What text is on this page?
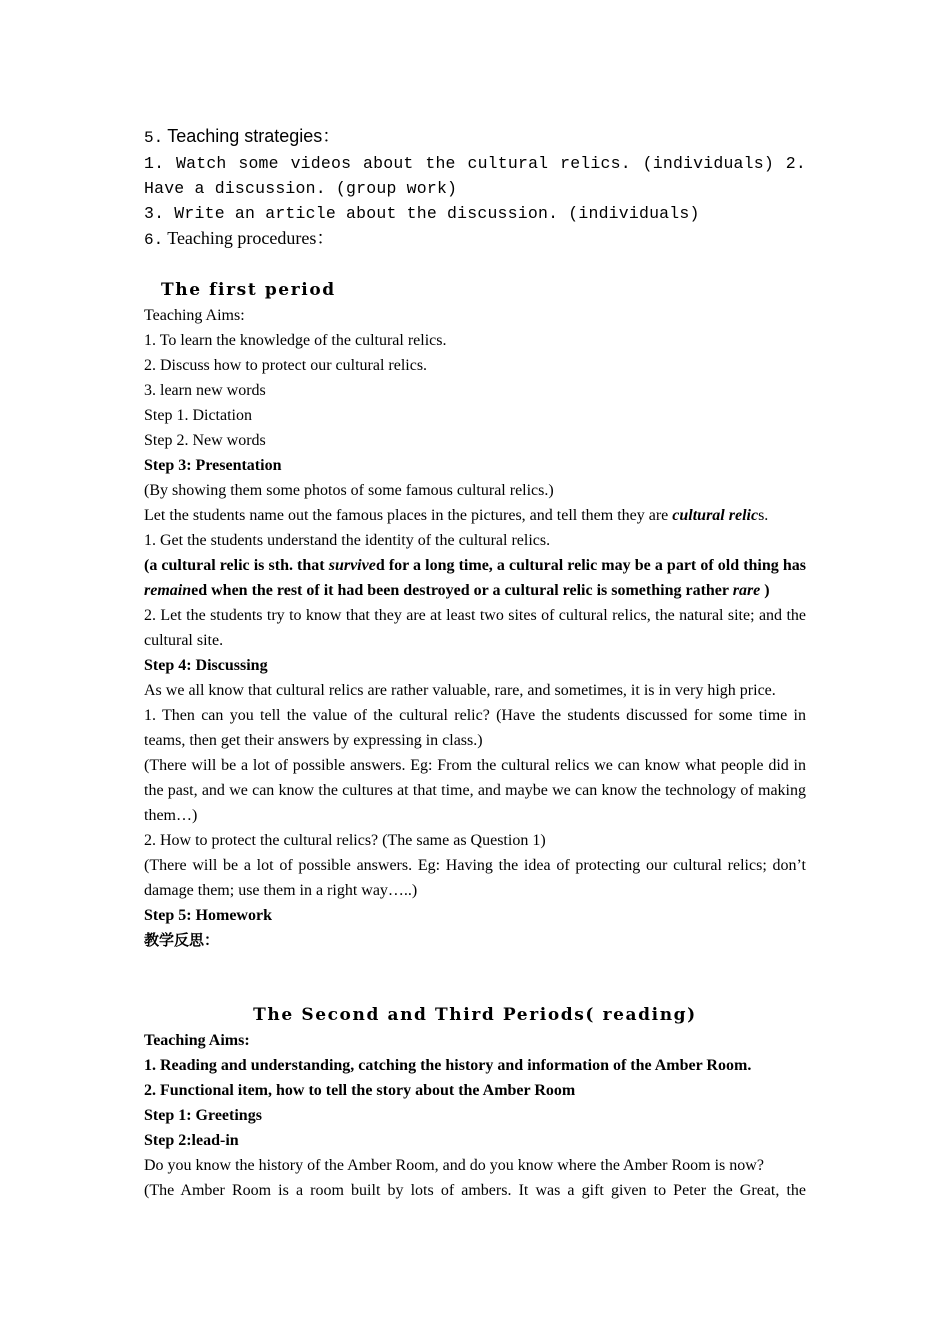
5. Teaching strategies：
1. Watch some videos about the cultural relics. (individuals) 2. Have a discussion. (group work)
3. Write an article about the discussion. (individuals)
6. Teaching procedures：
The first period
Teaching Aims:
1. To learn the knowledge of the cultural relics.
2. Discuss how to protect our cultural relics.
3. learn new words
Step 1. Dictation
Step 2. New words
Step 3: Presentation
(By showing them some photos of some famous cultural relics.)
Let the students name out the famous places in the pictures, and tell them they are cultural relics.
1. Get the students understand the identity of the cultural relics.
(a cultural relic is sth. that survived for a long time, a cultural relic may be a part of old thing has remained when the rest of it had been destroyed or a cultural relic is something rather rare )
2. Let the students try to know that they are at least two sites of cultural relics, the natural site; and the cultural site.
Step 4: Discussing
As we all know that cultural relics are rather valuable, rare, and sometimes, it is in very high price.
1. Then can you tell the value of the cultural relic? (Have the students discussed for some time in teams, then get their answers by expressing in class.)
(There will be a lot of possible answers. Eg: From the cultural relics we can know what people did in the past, and we can know the cultures at that time, and maybe we can know the technology of making them…)
2. How to protect the cultural relics? (The same as Question 1)
(There will be a lot of possible answers. Eg: Having the idea of protecting our cultural relics; don’t damage them; use them in a right way…..)
Step 5: Homework
教学反思：
The Second and Third Periods( reading)
Teaching Aims:
1. Reading and understanding, catching the history and information of the Amber Room.
2. Functional item, how to tell the story about the Amber Room
Step 1: Greetings
Step 2:lead-in
Do you know the history of the Amber Room, and do you know where the Amber Room is now?
(The Amber Room is a room built by lots of ambers. It was a gift given to Peter the Great, the
